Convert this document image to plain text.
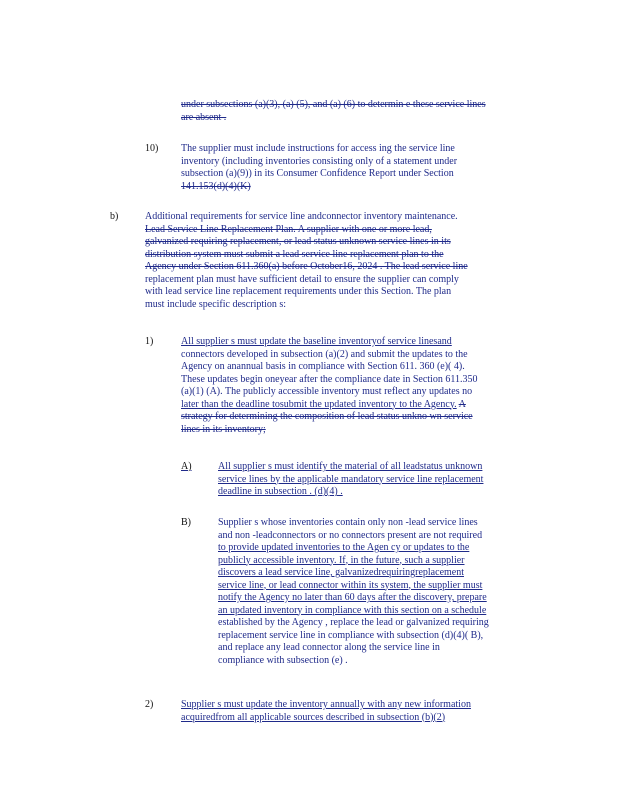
under subsections (a)(3), (a) (5), and (a) (6) to determin e these service lines
are absent .
10) The supplier must include instructions for access ing the service line
inventory (including inventories consisting only of a statement under
subsection (a)(9)) in its Consumer Confidence Report under Section
141.153(d)(4)(K)
b)	Additional requirements for service line andconnector inventory maintenance.
Lead Service Line Replacement Plan. A supplier with one or more lead,
galvanized requiring replacement, or lead status unknown service lines in its
distribution system must submit a lead service line replacement plan to the
Agency under Section 611.360(a) before October16, 2024 . The lead service line
replacement plan must have sufficient detail to ensure the supplier can comply
with lead service line replacement requirements under this Section. The plan
must include specific description s:
1)	All supplier s must update the baseline inventoryof service linesand
connectors developed in subsection (a)(2) and submit the updates to the
Agency on anannual basis in compliance with Section 611. 360 (e)( 4).
These updates begin oneyear after the compliance date in Section 611.350
(a)(1) (A). The publicly accessible inventory must reflect any updates no
later than the deadline tosubmit the updated inventory to the Agency. A
strategy for determining the composition of lead status unkno wn service
lines in its inventory;
A)	All supplier s must identify the material of all leadstatus unknown
service lines by the applicable mandatory service line replacement
deadline in subsection . (d)(4) .
B)	Supplier s whose inventories contain only non -lead service lines
and non -leadconnectors or no connectors present are not required
to provide updated inventories to the Agen cy or updates to the
publicly accessible inventory. If, in the future, such a supplier
discovers a lead service line, galvanizedrequiringreplacement
service line, or lead connector within its system, the supplier must
notify the Agency no later than 60 days after the discovery, prepare
an updated inventory in compliance with this section on a schedule
established by the Agency , replace the lead or galvanized requiring
replacement service line in compliance with subsection (d)(4)( B),
and replace any lead connector along the service line in
compliance with subsection (e) .
2)	Supplier s must update the inventory annually with any new information
acquiredfrom all applicable sources described in subsection (b)(2)
